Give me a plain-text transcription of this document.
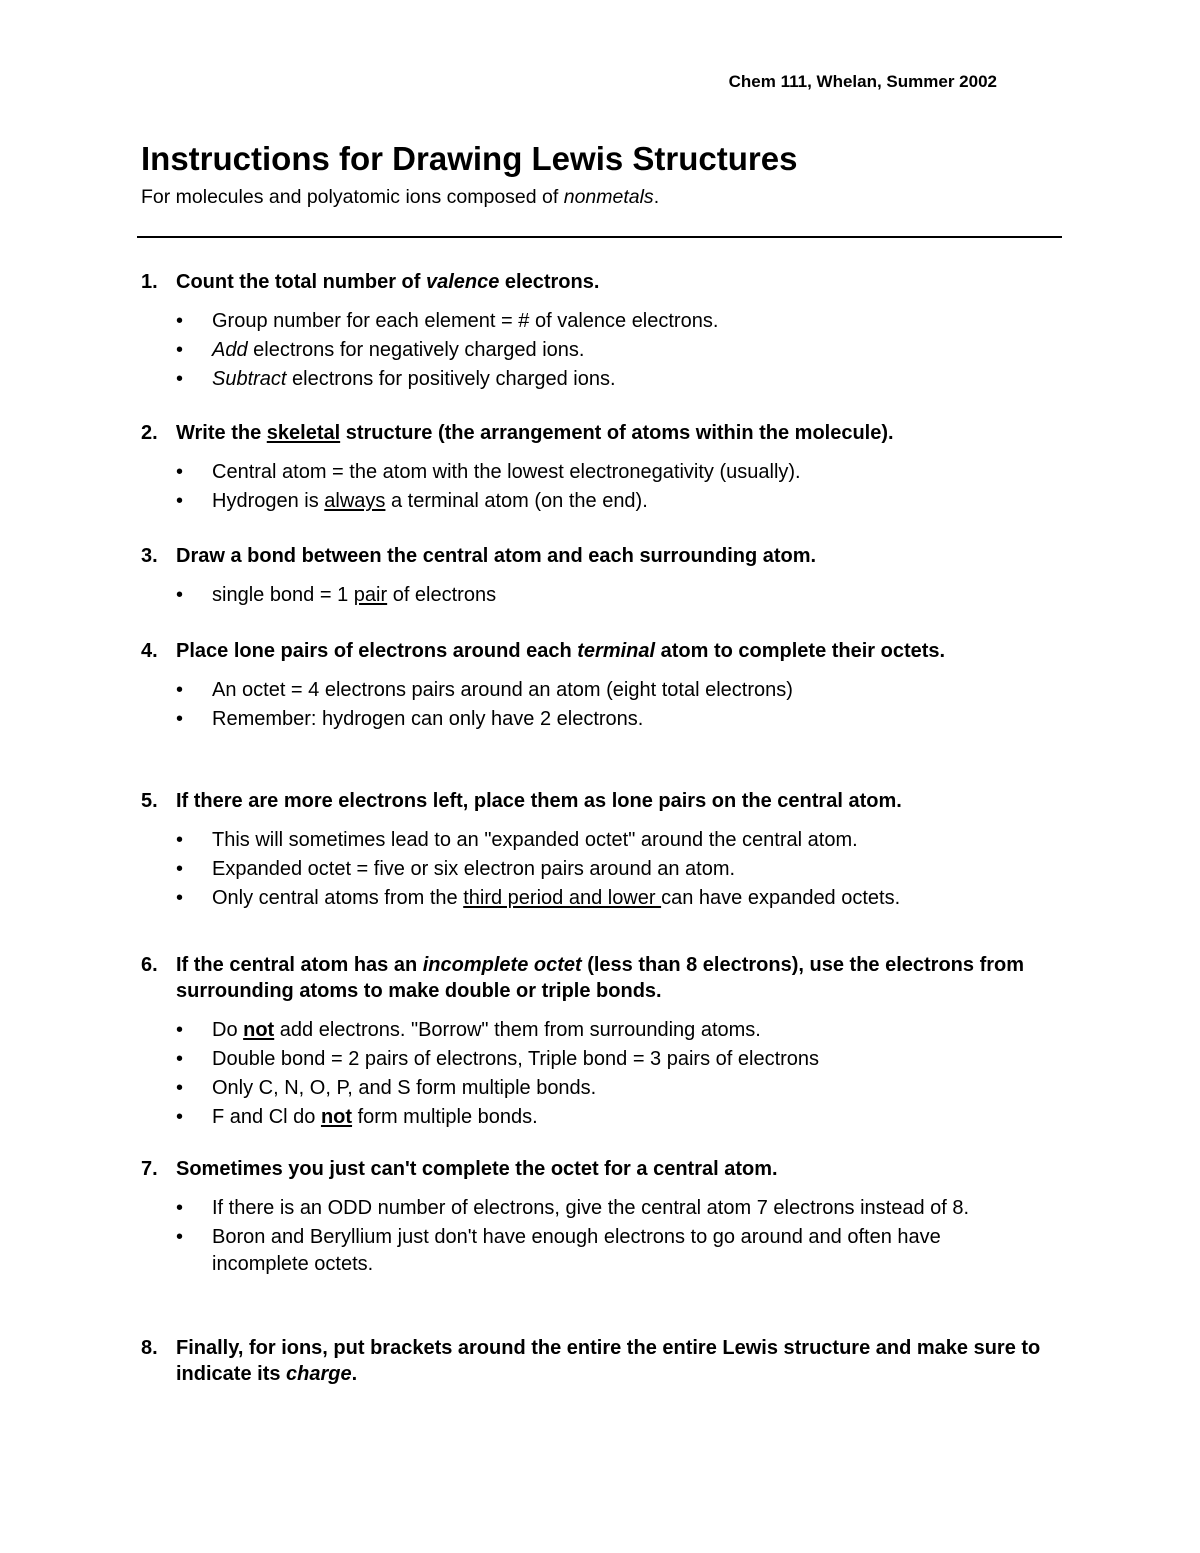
Chem 111, Whelan, Summer 2002
Instructions for Drawing Lewis Structures
For molecules and polyatomic ions composed of nonmetals.
1. Count the total number of valence electrons.
•
Group number for each element = # of valence electrons.
•
Add electrons for negatively charged ions.
•
Subtract electrons for positively charged ions.
2. Write the skeletal structure (the arrangement of atoms within the molecule).
•
Central atom = the atom with the lowest electronegativity (usually).
•
Hydrogen is always a terminal atom (on the end).
3. Draw a bond between the central atom and each surrounding atom.
•
single bond = 1 pair of electrons
4. Place lone pairs of electrons around each terminal atom to complete their octets.
•
An octet = 4 electrons pairs around an atom (eight total electrons)
•
Remember: hydrogen can only have 2 electrons.
5. If there are more electrons left, place them as lone pairs on the central atom.
•
This will sometimes lead to an "expanded octet" around the central atom.
•
Expanded octet = five or six electron pairs around an atom.
•
Only central atoms from the third period and lower can have expanded octets.
6. If the central atom has an incomplete octet (less than 8 electrons), use the electrons from surrounding atoms to make double or triple bonds.
•
Do not add electrons. "Borrow" them from surrounding atoms.
•
Double bond = 2 pairs of electrons, Triple bond = 3 pairs of electrons
•
Only C, N, O, P, and S form multiple bonds.
•
F and Cl do not form multiple bonds.
7. Sometimes you just can't complete the octet for a central atom.
•
If there is an ODD number of electrons, give the central atom 7 electrons instead of 8.
•
Boron and Beryllium just don't have enough electrons to go around and often have incomplete octets.
8. Finally, for ions, put brackets around the entire the entire Lewis structure and make sure to indicate its charge.
